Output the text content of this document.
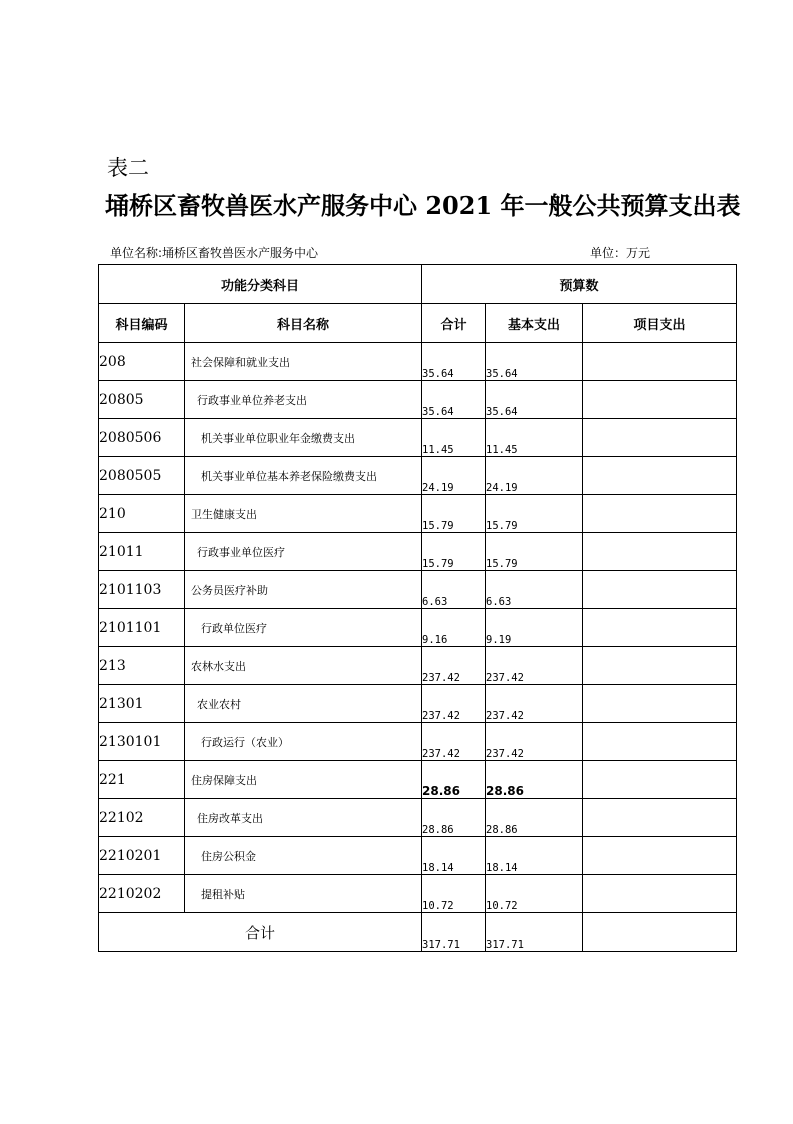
表二
埇桥区畜牧兽医水产服务中心 2021 年一般公共预算支出表
单位名称:埇桥区畜牧兽医水产服务中心	单位：万元
功能分类科目		预算数		
科目编码	科目名称	合计	基本支出	项目支出
208	社会保障和就业支出	35.64	35.64	
20805	行政事业单位养老支出	35.64	35.64	
2080506	机关事业单位职业年金缴费支出	11.45	11.45	
2080505	机关事业单位基本养老保险缴费支出	24.19	24.19	
210	卫生健康支出	15.79	15.79	
21011	行政事业单位医疗	15.79	15.79	
2101103	公务员医疗补助	6.63	6.63	
2101101	行政单位医疗	9.16	9.19	
213	农林水支出	237.42	237.42	
21301	农业农村	237.42	237.42	
2130101	行政运行（农业）	237.42	237.42	
221	住房保障支出	28.86	28.86	
22102	住房改革支出	28.86	28.86	
2210201	住房公积金	18.14	18.14	
2210202	提租补贴	10.72	10.72	
合计		317.71	317.71	
